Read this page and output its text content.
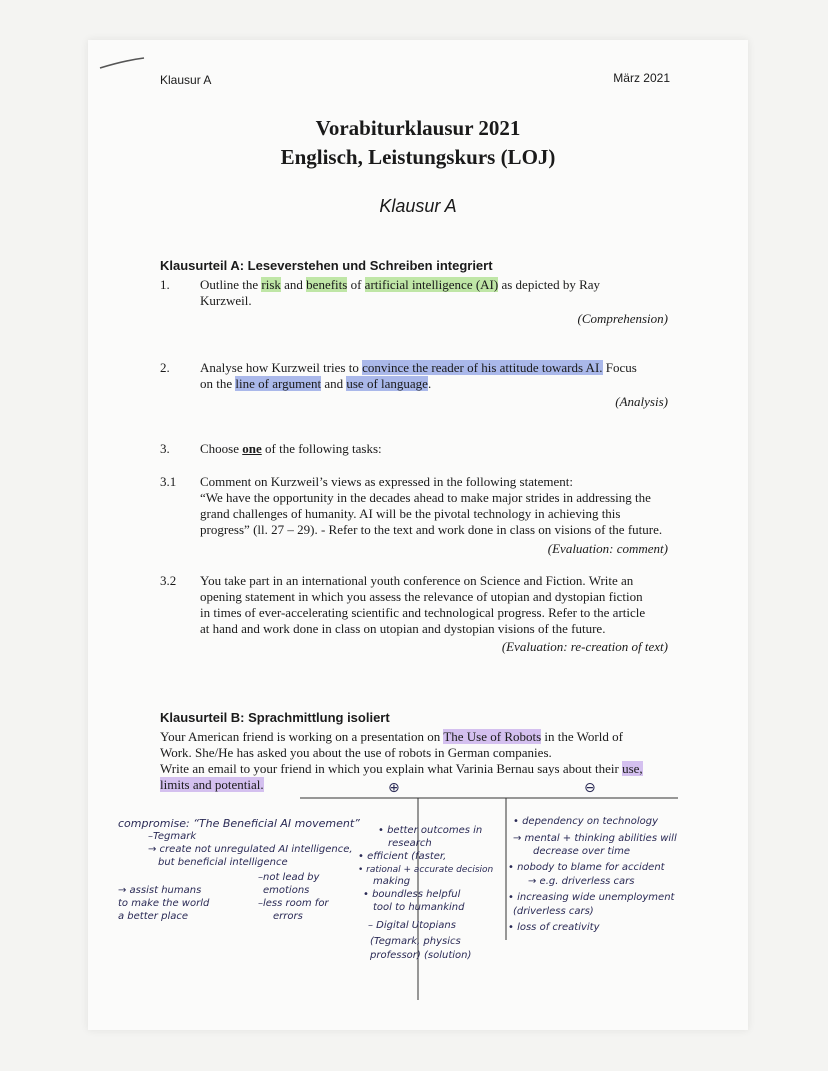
Klausur A	März 2021
Vorabiturklausur 2021
Englisch, Leistungskurs (LOJ)
Klausur A
Klausurteil A: Leseverstehen und Schreiben integriert
1. Outline the risk and benefits of artificial intelligence (AI) as depicted by Ray
Kurzweil.
(Comprehension)
2. Analyse how Kurzweil tries to convince the reader of his attitude towards AI. Focus
on the line of argument and use of language.
(Analysis)
3. Choose one of the following tasks:
3.1 Comment on Kurzweil’s views as expressed in the following statement:
“We have the opportunity in the decades ahead to make major strides in addressing the
grand challenges of humanity. AI will be the pivotal technology in achieving this
progress” (ll. 27 – 29). - Refer to the text and work done in class on visions of the future.
(Evaluation: comment)
3.2 You take part in an international youth conference on Science and Fiction. Write an
opening statement in which you assess the relevance of utopian and dystopian fiction
in times of ever-accelerating scientific and technological progress. Refer to the article
at hand and work done in class on utopian and dystopian visions of the future.
(Evaluation: re-creation of text)
Klausurteil B: Sprachmittlung isoliert
Your American friend is working on a presentation on The Use of Robots in the World of
Work. She/He has asked you about the use of robots in German companies.
Write an email to your friend in which you explain what Varinia Bernau says about their use,
limits and potential.	⊕	⊖
compromise: “The Beneficial AI movement”
–Tegmark
→ create not unregulated AI intelligence,
but beneficial intelligence
→ assist humans
to make the world
a better place
–not lead by
emotions
–less room for
errors
• better outcomes in
research
• efficient (faster,
• rational + accurate decision
making
• boundless helpful
tool to humankind
– Digital Utopians
(Tegmark, physics
professor) (solution)
• dependency on technology
→ mental + thinking abilities will
decrease over time
• nobody to blame for accident
→ e.g. driverless cars
• increasing wide unemployment
(driverless cars)
• loss of creativity
